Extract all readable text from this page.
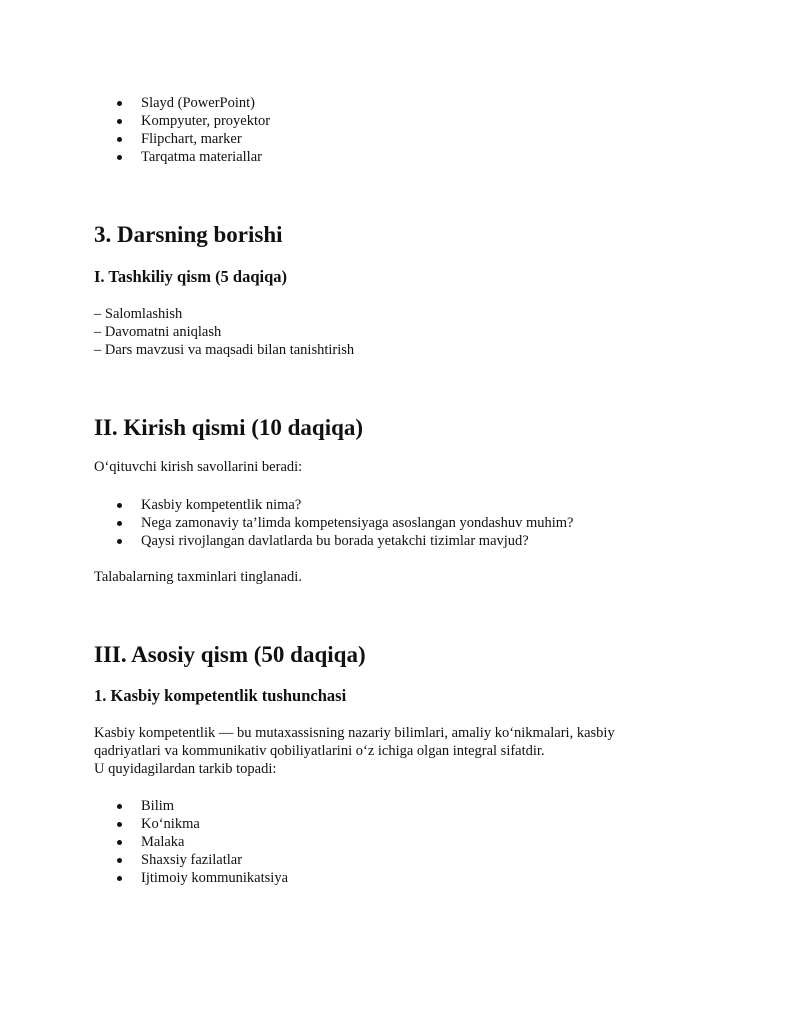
Slayd (PowerPoint)
Kompyuter, proyektor
Flipchart, marker
Tarqatma materiallar
3. Darsning borishi
I. Tashkiliy qism (5 daqiqa)
– Salomlashish
– Davomatni aniqlash
– Dars mavzusi va maqsadi bilan tanishtirish
II. Kirish qismi (10 daqiqa)
O‘qituvchi kirish savollarini beradi:
Kasbiy kompetentlik nima?
Nega zamonaviy ta’limda kompetensiyaga asoslangan yondashuv muhim?
Qaysi rivojlangan davlatlarda bu borada yetakchi tizimlar mavjud?
Talabalarning taxminlari tinglanadi.
III. Asosiy qism (50 daqiqa)
1. Kasbiy kompetentlik tushunchasi
Kasbiy kompetentlik — bu mutaxassisning nazariy bilimlari, amaliy ko‘nikmalari, kasbiy
qadriyatlari va kommunikativ qobiliyatlarini o‘z ichiga olgan integral sifatdir.
U quyidagilardan tarkib topadi:
Bilim
Ko‘nikma
Malaka
Shaxsiy fazilatlar
Ijtimoiy kommunikatsiya
